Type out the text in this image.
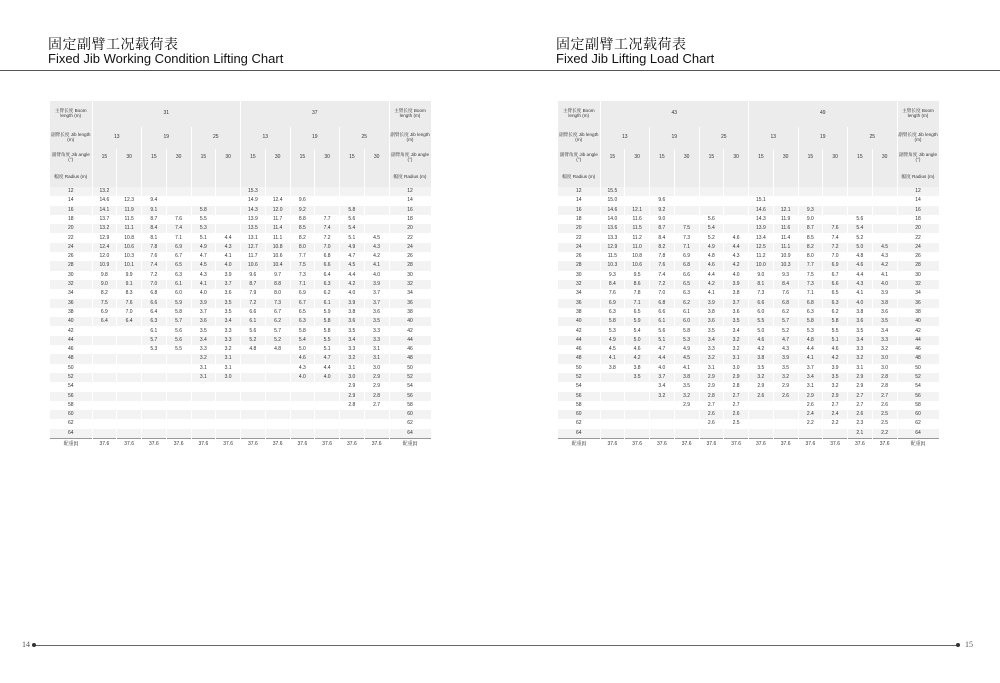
固定副臂工况载荷表
Fixed Jib Working Condition Lifting Chart
主臂长度 Boom length (m)	31						37						主臂长度 Boom length (m)
副臂长度 Jib length (m)	13		19		25		13		19		25		副臂长度 Jib length (m)
副臂角度 Jib angle (°)	15	30	15	30	15	30	15	30	15	30	15	30	副臂角度 Jib angle (°)
幅度 Radius (m)													幅度 Radius (m)
12	13.2						15.3						12
14	14.6	12.3	9.4				14.9	12.4	9.6				14
16	14.1	11.9	9.1		5.8		14.3	12.0	9.2		5.8		16
18	13.7	11.5	8.7	7.6	5.5		13.9	11.7	8.8	7.7	5.6		18
20	13.2	11.1	8.4	7.4	5.3		13.5	11.4	8.5	7.4	5.4		20
22	12.9	10.8	8.1	7.1	5.1	4.4	13.1	11.1	8.2	7.2	5.1	4.5	22
24	12.4	10.6	7.8	6.9	4.9	4.3	12.7	10.8	8.0	7.0	4.9	4.3	24
26	12.0	10.3	7.6	6.7	4.7	4.1	11.7	10.6	7.7	6.8	4.7	4.2	26
28	10.9	10.1	7.4	6.5	4.5	4.0	10.6	10.4	7.5	6.6	4.5	4.1	28
30	9.8	9.9	7.2	6.3	4.3	3.9	9.6	9.7	7.3	6.4	4.4	4.0	30
32	9.0	9.1	7.0	6.1	4.1	3.7	8.7	8.8	7.1	6.3	4.2	3.9	32
34	8.2	8.3	6.8	6.0	4.0	3.6	7.9	8.0	6.9	6.2	4.0	3.7	34
36	7.5	7.6	6.6	5.9	3.9	3.5	7.2	7.3	6.7	6.1	3.9	3.7	36
38	6.9	7.0	6.4	5.8	3.7	3.5	6.6	6.7	6.5	5.9	3.8	3.6	38
40	6.4	6.4	6.3	5.7	3.6	3.4	6.1	6.2	6.3	5.8	3.6	3.5	40
42			6.1	5.6	3.5	3.3	5.6	5.7	5.8	5.8	3.5	3.3	42
44			5.7	5.6	3.4	3.3	5.2	5.2	5.4	5.5	3.4	3.3	44
46			5.3	5.5	3.3	3.2	4.8	4.8	5.0	5.1	3.3	3.1	46
48					3.2	3.1			4.6	4.7	3.2	3.1	48
50					3.1	3.1			4.3	4.4	3.1	3.0	50
52					3.1	3.0			4.0	4.0	3.0	2.9	52
54											2.9	2.9	54
56											2.9	2.8	56
58											2.8	2.7	58
60													60
62													62
64													64
配重(t)	37.6	37.6	37.6	37.6	37.6	37.6	37.6	37.6	37.6	37.6	37.6	37.6	配重(t)
14
固定副臂工况载荷表
Fixed Jib Lifting Load Chart
主臂长度 Boom length (m)	43						49						主臂长度 Boom length (m)
副臂长度 Jib length (m)	13		19		25		13		19		25		副臂长度 Jib length (m)
副臂角度 Jib angle (°)	15	30	15	30	15	30	15	30	15	30	15	30	副臂角度 Jib angle (°)
幅度 Radius (m)													幅度 Radius (m)
12	15.5												12
14	15.0		9.6				15.1						14
16	14.6	12.1	9.2				14.6	12.1	9.3				16
18	14.0	11.6	9.0		5.6		14.3	11.9	9.0		5.6		18
20	13.6	11.5	8.7	7.5	5.4		13.9	11.6	8.7	7.6	5.4		20
22	13.3	11.2	8.4	7.3	5.2	4.6	13.4	11.4	8.5	7.4	5.2		22
24	12.9	11.0	8.2	7.1	4.9	4.4	12.5	11.1	8.2	7.2	5.0	4.5	24
26	11.5	10.8	7.8	6.9	4.8	4.3	11.2	10.9	8.0	7.0	4.8	4.3	26
28	10.3	10.6	7.6	6.8	4.6	4.2	10.0	10.3	7.7	6.9	4.6	4.2	28
30	9.3	9.5	7.4	6.6	4.4	4.0	9.0	9.3	7.5	6.7	4.4	4.1	30
32	8.4	8.6	7.2	6.5	4.2	3.9	8.1	8.4	7.3	6.6	4.3	4.0	32
34	7.6	7.8	7.0	6.3	4.1	3.8	7.3	7.6	7.1	6.5	4.1	3.9	34
36	6.9	7.1	6.8	6.2	3.9	3.7	6.6	6.8	6.8	6.3	4.0	3.8	36
38	6.3	6.5	6.6	6.1	3.8	3.6	6.0	6.2	6.3	6.2	3.8	3.6	38
40	5.8	5.9	6.1	6.0	3.6	3.5	5.5	5.7	5.8	5.8	3.6	3.5	40
42	5.3	5.4	5.6	5.8	3.5	3.4	5.0	5.2	5.3	5.5	3.5	3.4	42
44	4.9	5.0	5.1	5.3	3.4	3.2	4.6	4.7	4.8	5.1	3.4	3.3	44
46	4.5	4.6	4.7	4.9	3.3	3.2	4.2	4.3	4.4	4.6	3.3	3.2	46
48	4.1	4.2	4.4	4.5	3.2	3.1	3.8	3.9	4.1	4.2	3.2	3.0	48
50	3.8	3.8	4.0	4.1	3.1	3.0	3.5	3.5	3.7	3.9	3.1	3.0	50
52		3.5	3.7	3.8	2.9	2.9	3.2	3.2	3.4	3.5	2.9	2.8	52
54			3.4	3.5	2.9	2.8	2.9	2.9	3.1	3.2	2.9	2.8	54
56			3.2	3.2	2.8	2.7	2.6	2.6	2.9	2.9	2.7	2.7	56
58				2.9	2.7	2.7			2.6	2.7	2.7	2.6	58
60					2.6	2.6			2.4	2.4	2.6	2.5	60
62					2.6	2.5			2.2	2.2	2.3	2.5	62
64											2.1	2.2	64
配重(t)	37.6	37.6	37.6	37.6	37.6	37.6	37.6	37.6	37.6	37.6	37.6	37.6	配重(t)
15
